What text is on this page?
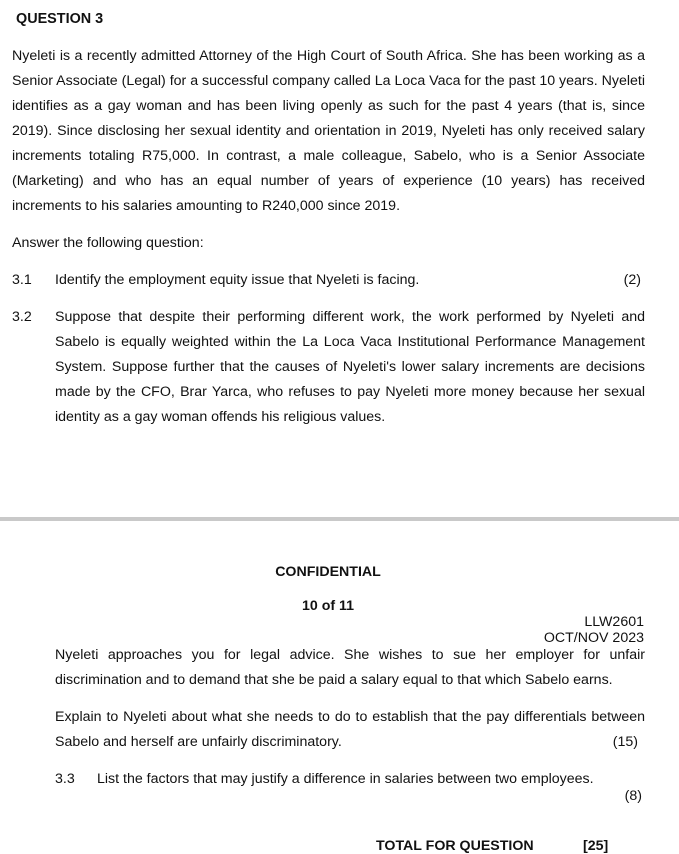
QUESTION 3
Nyeleti is a recently admitted Attorney of the High Court of South Africa. She has been working as a Senior Associate (Legal) for a successful company called La Loca Vaca for the past 10 years. Nyeleti identifies as a gay woman and has been living openly as such for the past 4 years (that is, since 2019). Since disclosing her sexual identity and orientation in 2019, Nyeleti has only received salary increments totaling R75,000. In contrast, a male colleague, Sabelo, who is a Senior Associate (Marketing) and who has an equal number of years of experience (10 years) has received increments to his salaries amounting to R240,000 since 2019.
Answer the following question:
3.1 Identify the employment equity issue that Nyeleti is facing.	(2)
3.2 Suppose that despite their performing different work, the work performed by Nyeleti and Sabelo is equally weighted within the La Loca Vaca Institutional Performance Management System. Suppose further that the causes of Nyeleti's lower salary increments are decisions made by the CFO, Brar Yarca, who refuses to pay Nyeleti more money because her sexual identity as a gay woman offends his religious values.
CONFIDENTIAL
10 of 11
LLW2601
OCT/NOV 2023
Nyeleti approaches you for legal advice. She wishes to sue her employer for unfair discrimination and to demand that she be paid a salary equal to that which Sabelo earns.
Explain to Nyeleti about what she needs to do to establish that the pay differentials between Sabelo and herself are unfairly discriminatory.	(15)
3.3 List the factors that may justify a difference in salaries between two employees.
(8)
TOTAL FOR QUESTION	[25]
